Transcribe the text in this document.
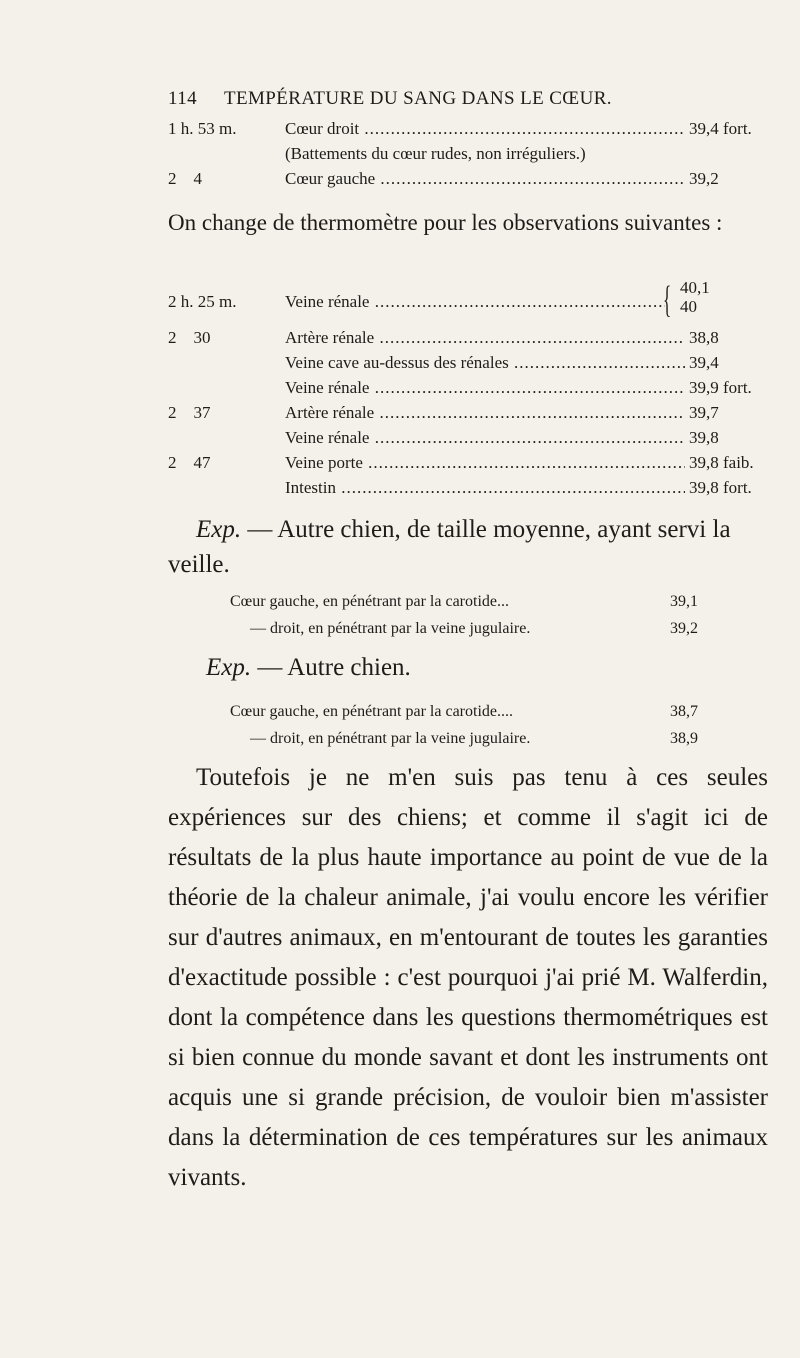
114 TEMPÉRATURE DU SANG DANS LE CŒUR.
1 h. 53 m.	Cœur droit .....	39,4 fort.
(Battements du cœur rudes, non irréguliers.)
2    4	Cœur gauche .....	39,2
On change de thermomètre pour les observations suivantes :
2 h. 25 m.	Veine rénale .....	{ 40,1
40
2    30	Artère rénale .....	38,8
Veine cave au-dessus des rénales .....	39,4
Veine rénale .....	39,9 fort.
2    37	Artère rénale .....	39,7
Veine rénale .....	39,8
2    47	Veine porte .....	39,8 faib.
Intestin .....	39,8 fort.
Exp. — Autre chien, de taille moyenne, ayant servi la veille.
Cœur gauche, en pénétrant par la carotide...	39,1
— droit, en pénétrant par la veine jugulaire.	39,2
Exp. — Autre chien.
Cœur gauche, en pénétrant par la carotide....	38,7
— droit, en pénétrant par la veine jugulaire.	38,9
Toutefois je ne m'en suis pas tenu à ces seules expériences sur des chiens; et comme il s'agit ici de résultats de la plus haute importance au point de vue de la théorie de la chaleur animale, j'ai voulu encore les vérifier sur d'autres animaux, en m'entourant de toutes les garanties d'exactitude possible : c'est pourquoi j'ai prié M. Walferdin, dont la compétence dans les questions thermométriques est si bien connue du monde savant et dont les instruments ont acquis une si grande précision, de vouloir bien m'assister dans la détermination de ces températures sur les animaux vivants.
